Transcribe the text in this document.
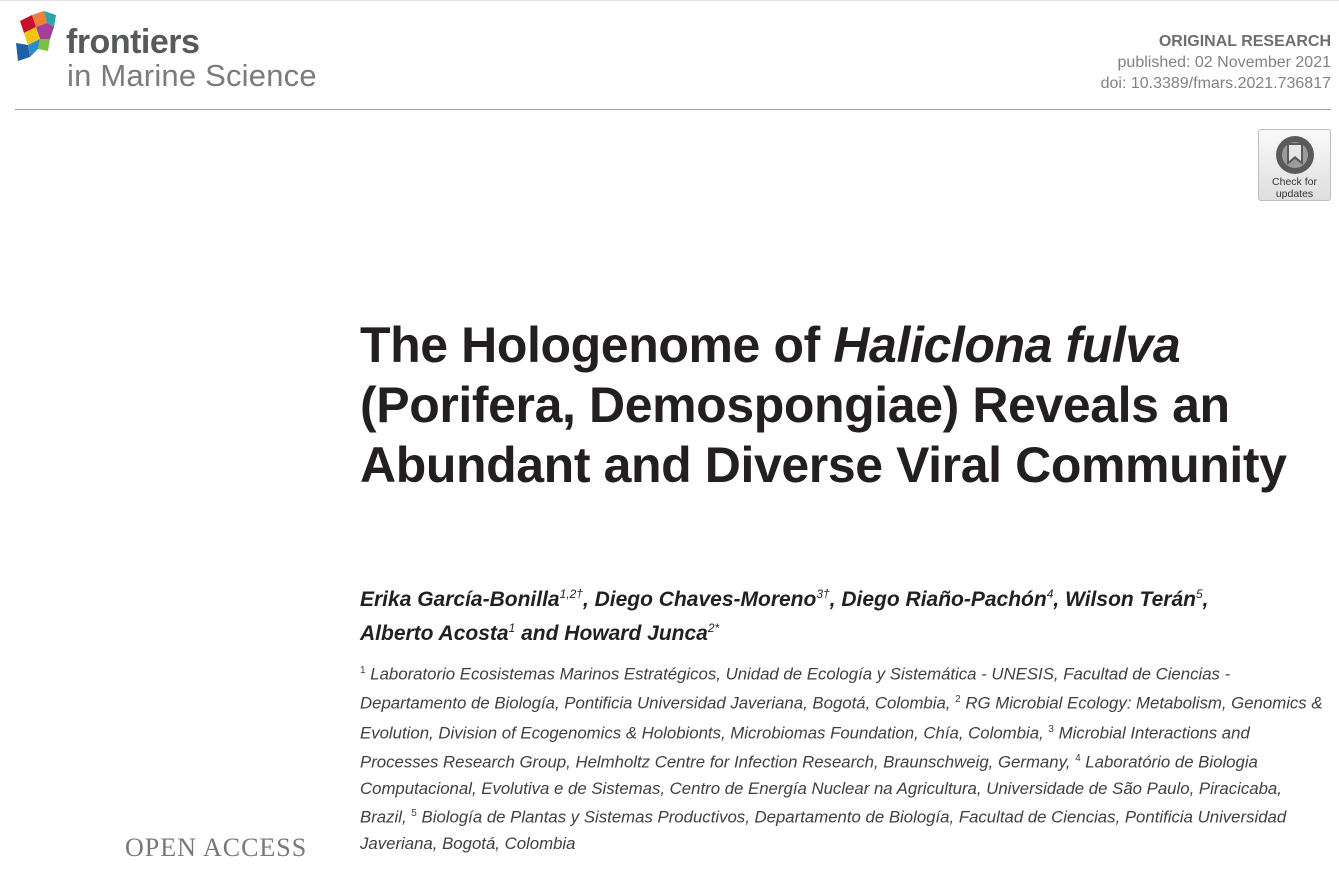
frontiers
in Marine Science
ORIGINAL RESEARCH
published: 02 November 2021
doi: 10.3389/fmars.2021.736817
Check for
updates
The Hologenome of Haliclona fulva
(Porifera, Demospongiae) Reveals an Abundant and Diverse Viral Community
Erika García-Bonilla$^{1,2\dagger}$, Diego Chaves-Moreno$^{3\dagger}$, Diego Riaño-Pachón$^4$, Wilson Terán$^5$,
Alberto Acosta$^1$ and Howard Junca$^{2*}$
$^1$ Laboratorio Ecosistemas Marinos Estratégicos, Unidad de Ecología y Sistemática - UNESIS, Facultad de Ciencias - Departamento de Biología, Pontificia Universidad Javeriana, Bogotá, Colombia, $^2$ RG Microbial Ecology: Metabolism, Genomics & Evolution, Division of Ecogenomics & Holobionts, Microbiomas Foundation, Chía, Colombia, $^3$ Microbial Interactions and Processes Research Group, Helmholtz Centre for Infection Research, Braunschweig, Germany, $^4$ Laboratório de Biologia Computacional, Evolutiva e de Sistemas, Centro de Energía Nuclear na Agricultura, Universidade de São Paulo, Piracicaba, Brazil, $^5$ Biología de Plantas y Sistemas Productivos, Departamento de Biología, Facultad de Ciencias, Pontificia Universidad Javeriana, Bogotá, Colombia
OPEN ACCESS
